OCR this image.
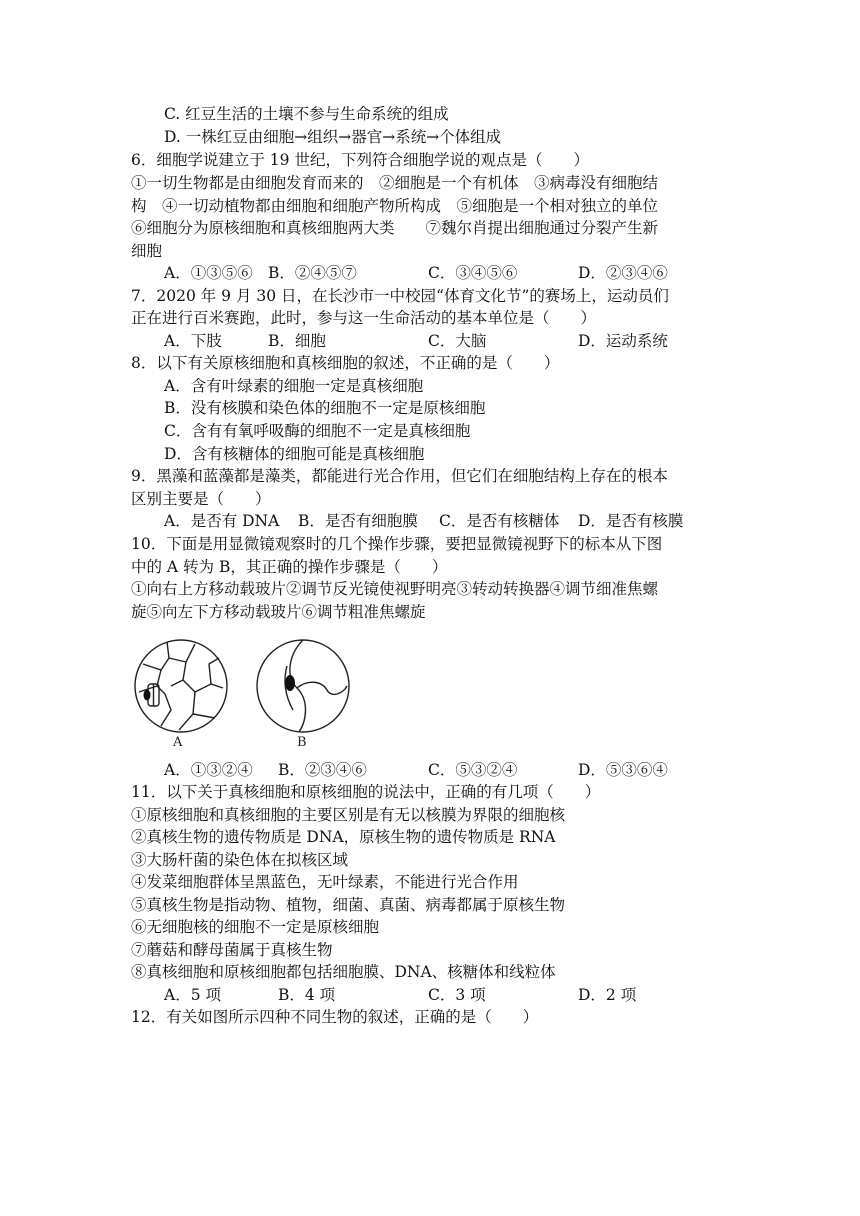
C. 红豆生活的土壤不参与生命系统的组成
D. 一株红豆由细胞→组织→器官→系统→个体组成
6．细胞学说建立于 19 世纪，下列符合细胞学说的观点是（　　）
①一切生物都是由细胞发育而来的　②细胞是一个有机体　③病毒没有细胞结
构　④一切动植物都由细胞和细胞产物所构成　⑤细胞是一个相对独立的单位
⑥细胞分为原核细胞和真核细胞两大类　　⑦魏尔肖提出细胞通过分裂产生新
细胞
A．①③⑤⑥ B．②④⑤⑦	C．③④⑤⑥	D．②③④⑥
7．2020 年 9 月 30 日，在长沙市一中校园“体育文化节”的赛场上，运动员们
正在进行百米赛跑，此时，参与这一生命活动的基本单位是（　　）
A．下肢	B．细胞	C．大脑	D．运动系统
8．以下有关原核细胞和真核细胞的叙述，不正确的是（　　）
A．含有叶绿素的细胞一定是真核细胞
B．没有核膜和染色体的细胞不一定是原核细胞
C．含有有氧呼吸酶的细胞不一定是真核细胞
D．含有核糖体的细胞可能是真核细胞
9．黑藻和蓝藻都是藻类，都能进行光合作用，但它们在细胞结构上存在的根本
区别主要是（　　）
A．是否有 DNA B．是否有细胞膜 C．是否有核糖体 D．是否有核膜
10．下面是用显微镜观察时的几个操作步骤，要把显微镜视野下的标本从下图
中的 A 转为 B，其正确的操作步骤是（　　）
①向右上方移动载玻片②调节反光镜使视野明亮③转动转换器④调节细准焦螺
旋⑤向左下方移动载玻片⑥调节粗准焦螺旋
A	B
A．①③②④ B．②③④⑥	C．⑤③②④	D．⑤③⑥④
11．以下关于真核细胞和原核细胞的说法中，正确的有几项（　　）
①原核细胞和真核细胞的主要区别是有无以核膜为界限的细胞核
②真核生物的遗传物质是 DNA，原核生物的遗传物质是 RNA
③大肠杆菌的染色体在拟核区域
④发菜细胞群体呈黑蓝色，无叶绿素，不能进行光合作用
⑤真核生物是指动物、植物，细菌、真菌、病毒都属于原核生物
⑥无细胞核的细胞不一定是原核细胞
⑦蘑菇和酵母菌属于真核生物
⑧真核细胞和原核细胞都包括细胞膜、DNA、核糖体和线粒体
A．5 项	B．4 项	C．3 项	D．2 项
12．有关如图所示四种不同生物的叙述，正确的是（　　）
